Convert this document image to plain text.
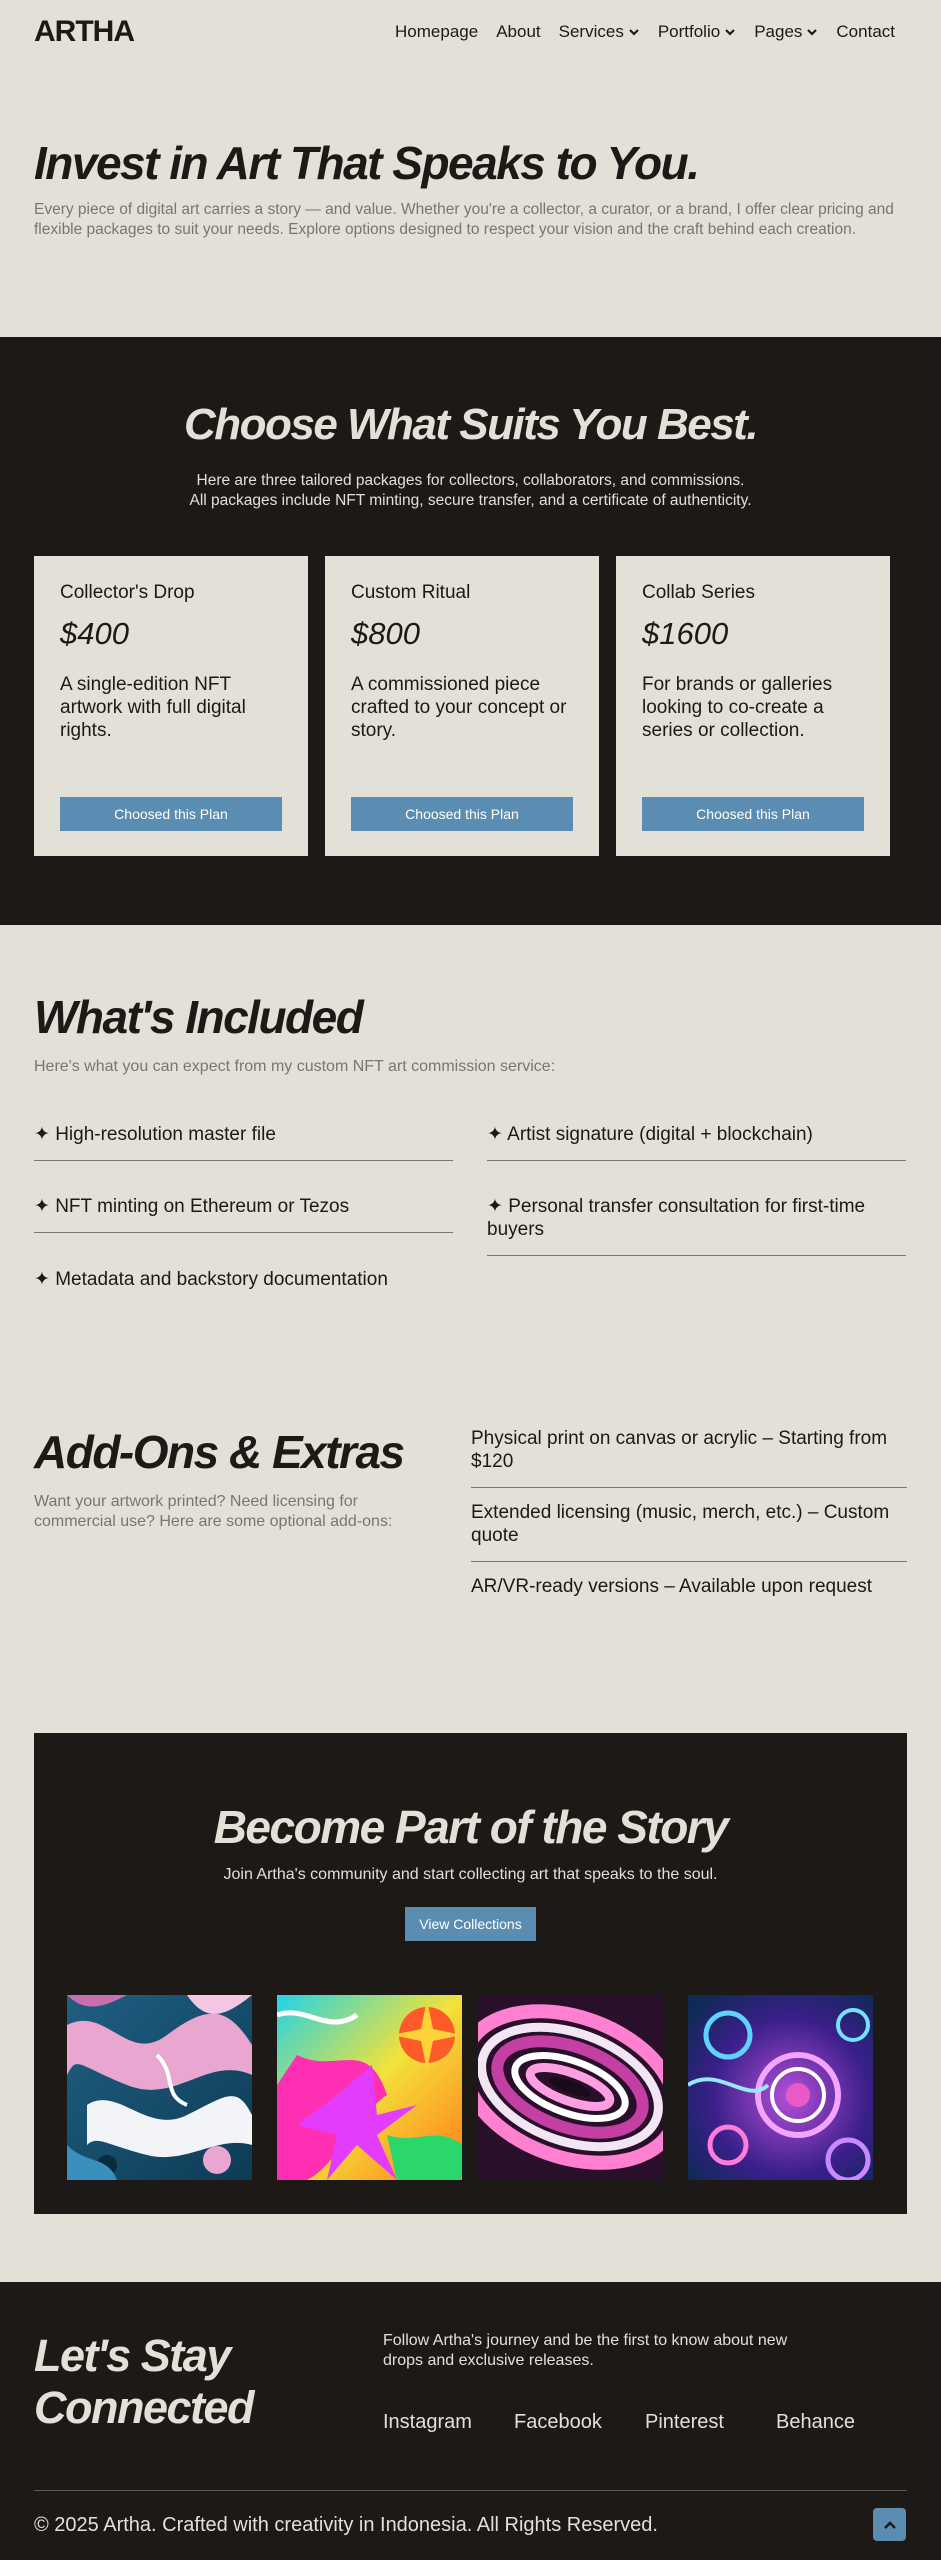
ARTHA	Homepage About Services Portfolio Pages Contact
Invest in Art That Speaks to You.

Every piece of digital art carries a story — and value. Whether you're a collector, a curator, or a brand, I offer clear pricing and flexible packages to suit your needs. Explore options designed to respect your vision and the craft behind each creation.

Choose What Suits You Best.
Here are three tailored packages for collectors, collaborators, and commissions.
All packages include NFT minting, secure transfer, and a certificate of authenticity.
Collector's Drop
$400
A single-edition NFT artwork with full digital rights.
Choosed this Plan
Custom Ritual
$800
A commissioned piece crafted to your concept or story.
Choosed this Plan
Collab Series
$1600
For brands or galleries looking to co-create a series or collection.
Choosed this Plan
What's Included

Here's what you can expect from my custom NFT art commission service:

✦ High-resolution master file	✦ Artist signature (digital + blockchain)
✦ NFT minting on Ethereum or Tezos	✦ Personal transfer consultation for first-time buyers
✦ Metadata and backstory documentation
Add-Ons & Extras

Want your artwork printed? Need licensing for commercial use? Here are some optional add-ons:

Physical print on canvas or acrylic – Starting from $120
Extended licensing (music, merch, etc.) – Custom quote
AR/VR-ready versions – Available upon request
Become Part of the Story

Join Artha's community and start collecting art that speaks to the soul.

View Collections
Let's Stay
Connected

Follow Artha's journey and be the first to know about new drops and exclusive releases.

Instagram Facebook Pinterest	Behance
© 2025 Artha. Crafted with creativity in Indonesia. All Rights Reserved.
